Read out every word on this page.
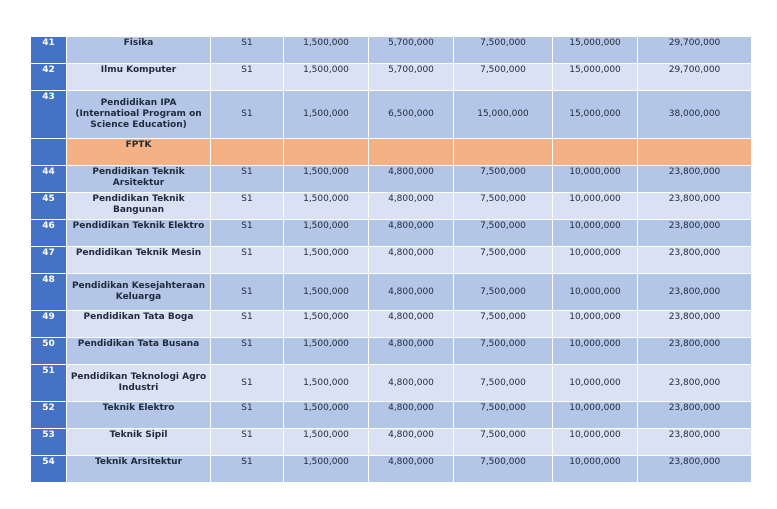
41	Fisika	S1	1,500,000	5,700,000	7,500,000	15,000,000	29,700,000
42	Ilmu Komputer	S1	1,500,000	5,700,000	7,500,000	15,000,000	29,700,000
43	Pendidikan IPA (Internatioal Program on Science Education)	S1	1,500,000	6,500,000	15,000,000	15,000,000	38,000,000
	FPTK						
44	Pendidikan Teknik Arsitektur	S1	1,500,000	4,800,000	7,500,000	10,000,000	23,800,000
45	Pendidikan Teknik Bangunan	S1	1,500,000	4,800,000	7,500,000	10,000,000	23,800,000
46	Pendidikan Teknik Elektro	S1	1,500,000	4,800,000	7,500,000	10,000,000	23,800,000
47	Pendidikan Teknik Mesin	S1	1,500,000	4,800,000	7,500,000	10,000,000	23,800,000
48	Pendidikan Kesejahteraan Keluarga	S1	1,500,000	4,800,000	7,500,000	10,000,000	23,800,000
49	Pendidikan Tata Boga	S1	1,500,000	4,800,000	7,500,000	10,000,000	23,800,000
50	Pendidikan Tata Busana	S1	1,500,000	4,800,000	7,500,000	10,000,000	23,800,000
51	Pendidikan Teknologi Agro Industri	S1	1,500,000	4,800,000	7,500,000	10,000,000	23,800,000
52	Teknik Elektro	S1	1,500,000	4,800,000	7,500,000	10,000,000	23,800,000
53	Teknik Sipil	S1	1,500,000	4,800,000	7,500,000	10,000,000	23,800,000
54	Teknik Arsitektur	S1	1,500,000	4,800,000	7,500,000	10,000,000	23,800,000
